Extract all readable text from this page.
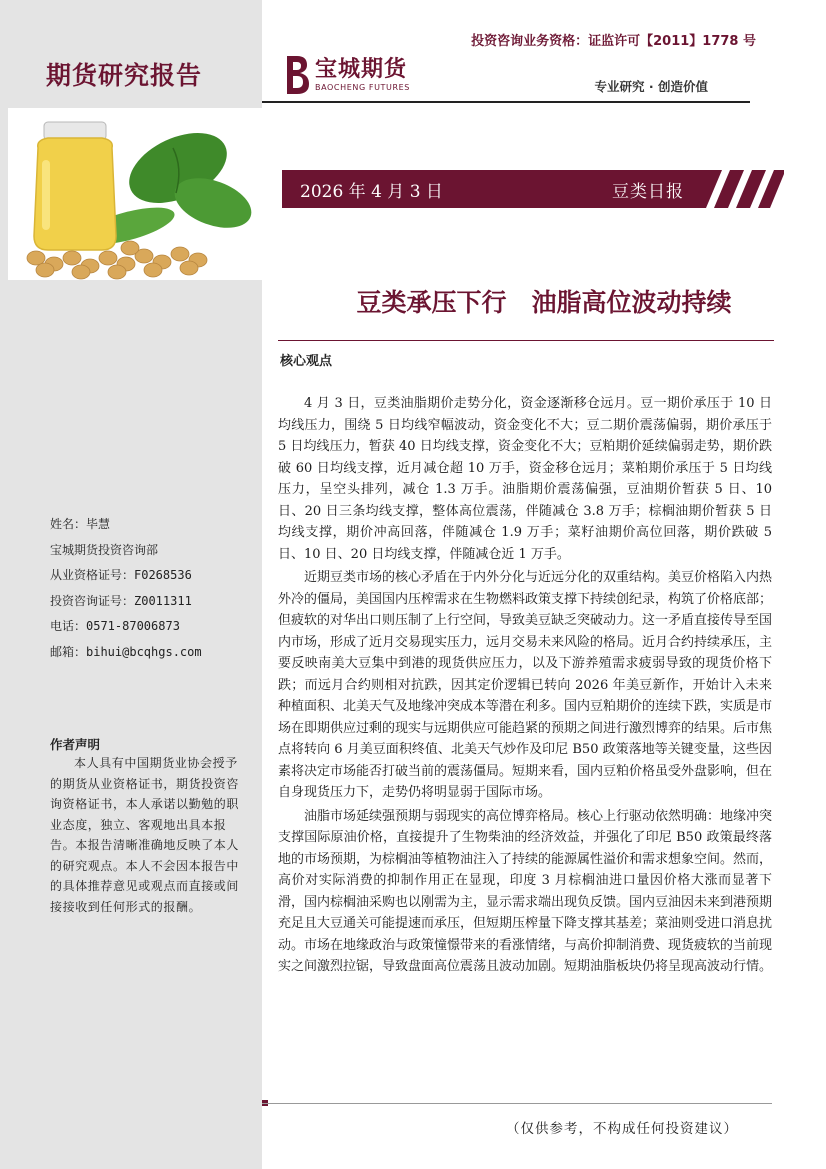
期货研究报告
姓名：毕慧
宝城期货投资咨询部
从业资格证号：F0268536
投资咨询证号：Z0011311
电话：0571-87006873
邮箱：bihui@bcqhgs.com
作者声明

本人具有中国期货业协会授予的期货从业资格证书，期货投资咨询资格证书，本人承诺以勤勉的职业态度，独立、客观地出具本报告。本报告清晰准确地反映了本人的研究观点。本人不会因本报告中的具体推荐意见或观点而直接或间接接收到任何形式的报酬。

投资咨询业务资格：证监许可【2011】1778 号
宝城期货
BAOCHENG FUTURES	专业研究 · 创造价值
2026 年 4 月 3 日	豆类日报
豆类承压下行　油脂高位波动持续
核心观点

4 月 3 日，豆类油脂期价走势分化，资金逐渐移仓远月。豆一期价承压于 10 日均线压力，围绕 5 日均线窄幅波动，资金变化不大；豆二期价震荡偏弱，期价承压于 5 日均线压力，暂获 40 日均线支撑，资金变化不大；豆粕期价延续偏弱走势，期价跌破 60 日均线支撑，近月减仓超 10 万手，资金移仓远月；菜粕期价承压于 5 日均线压力，呈空头排列，减仓 1.3 万手。油脂期价震荡偏强，豆油期价暂获 5 日、10 日、20 日三条均线支撑，整体高位震荡，伴随减仓 3.8 万手；棕榈油期价暂获 5 日均线支撑，期价冲高回落，伴随减仓 1.9 万手；菜籽油期价高位回落，期价跌破 5 日、10 日、20 日均线支撑，伴随减仓近 1 万手。

近期豆类市场的核心矛盾在于内外分化与近远分化的双重结构。美豆价格陷入内热外冷的僵局，美国国内压榨需求在生物燃料政策支撑下持续创纪录，构筑了价格底部；但疲软的对华出口则压制了上行空间，导致美豆缺乏突破动力。这一矛盾直接传导至国内市场，形成了近月交易现实压力，远月交易未来风险的格局。近月合约持续承压，主要反映南美大豆集中到港的现货供应压力，以及下游养殖需求疲弱导致的现货价格下跌；而远月合约则相对抗跌，因其定价逻辑已转向 2026 年美豆新作，开始计入未来种植面积、北美天气及地缘冲突成本等潜在利多。国内豆粕期价的连续下跌，实质是市场在即期供应过剩的现实与远期供应可能趋紧的预期之间进行激烈博弈的结果。后市焦点将转向 6 月美豆面积终值、北美天气炒作及印尼 B50 政策落地等关键变量，这些因素将决定市场能否打破当前的震荡僵局。短期来看，国内豆粕价格虽受外盘影响，但在自身现货压力下，走势仍将明显弱于国际市场。

油脂市场延续强预期与弱现实的高位博弈格局。核心上行驱动依然明确：地缘冲突支撑国际原油价格，直接提升了生物柴油的经济效益，并强化了印尼 B50 政策最终落地的市场预期，为棕榈油等植物油注入了持续的能源属性溢价和需求想象空间。然而，高价对实际消费的抑制作用正在显现，印度 3 月棕榈油进口量因价格大涨而显著下滑，国内棕榈油采购也以刚需为主，显示需求端出现负反馈。国内豆油因未来到港预期充足且大豆通关可能提速而承压，但短期压榨量下降支撑其基差；菜油则受进口消息扰动。市场在地缘政治与政策憧憬带来的看涨情绪，与高价抑制消费、现货疲软的当前现实之间激烈拉锯，导致盘面高位震荡且波动加剧。短期油脂板块仍将呈现高波动行情。

（仅供参考，不构成任何投资建议）
